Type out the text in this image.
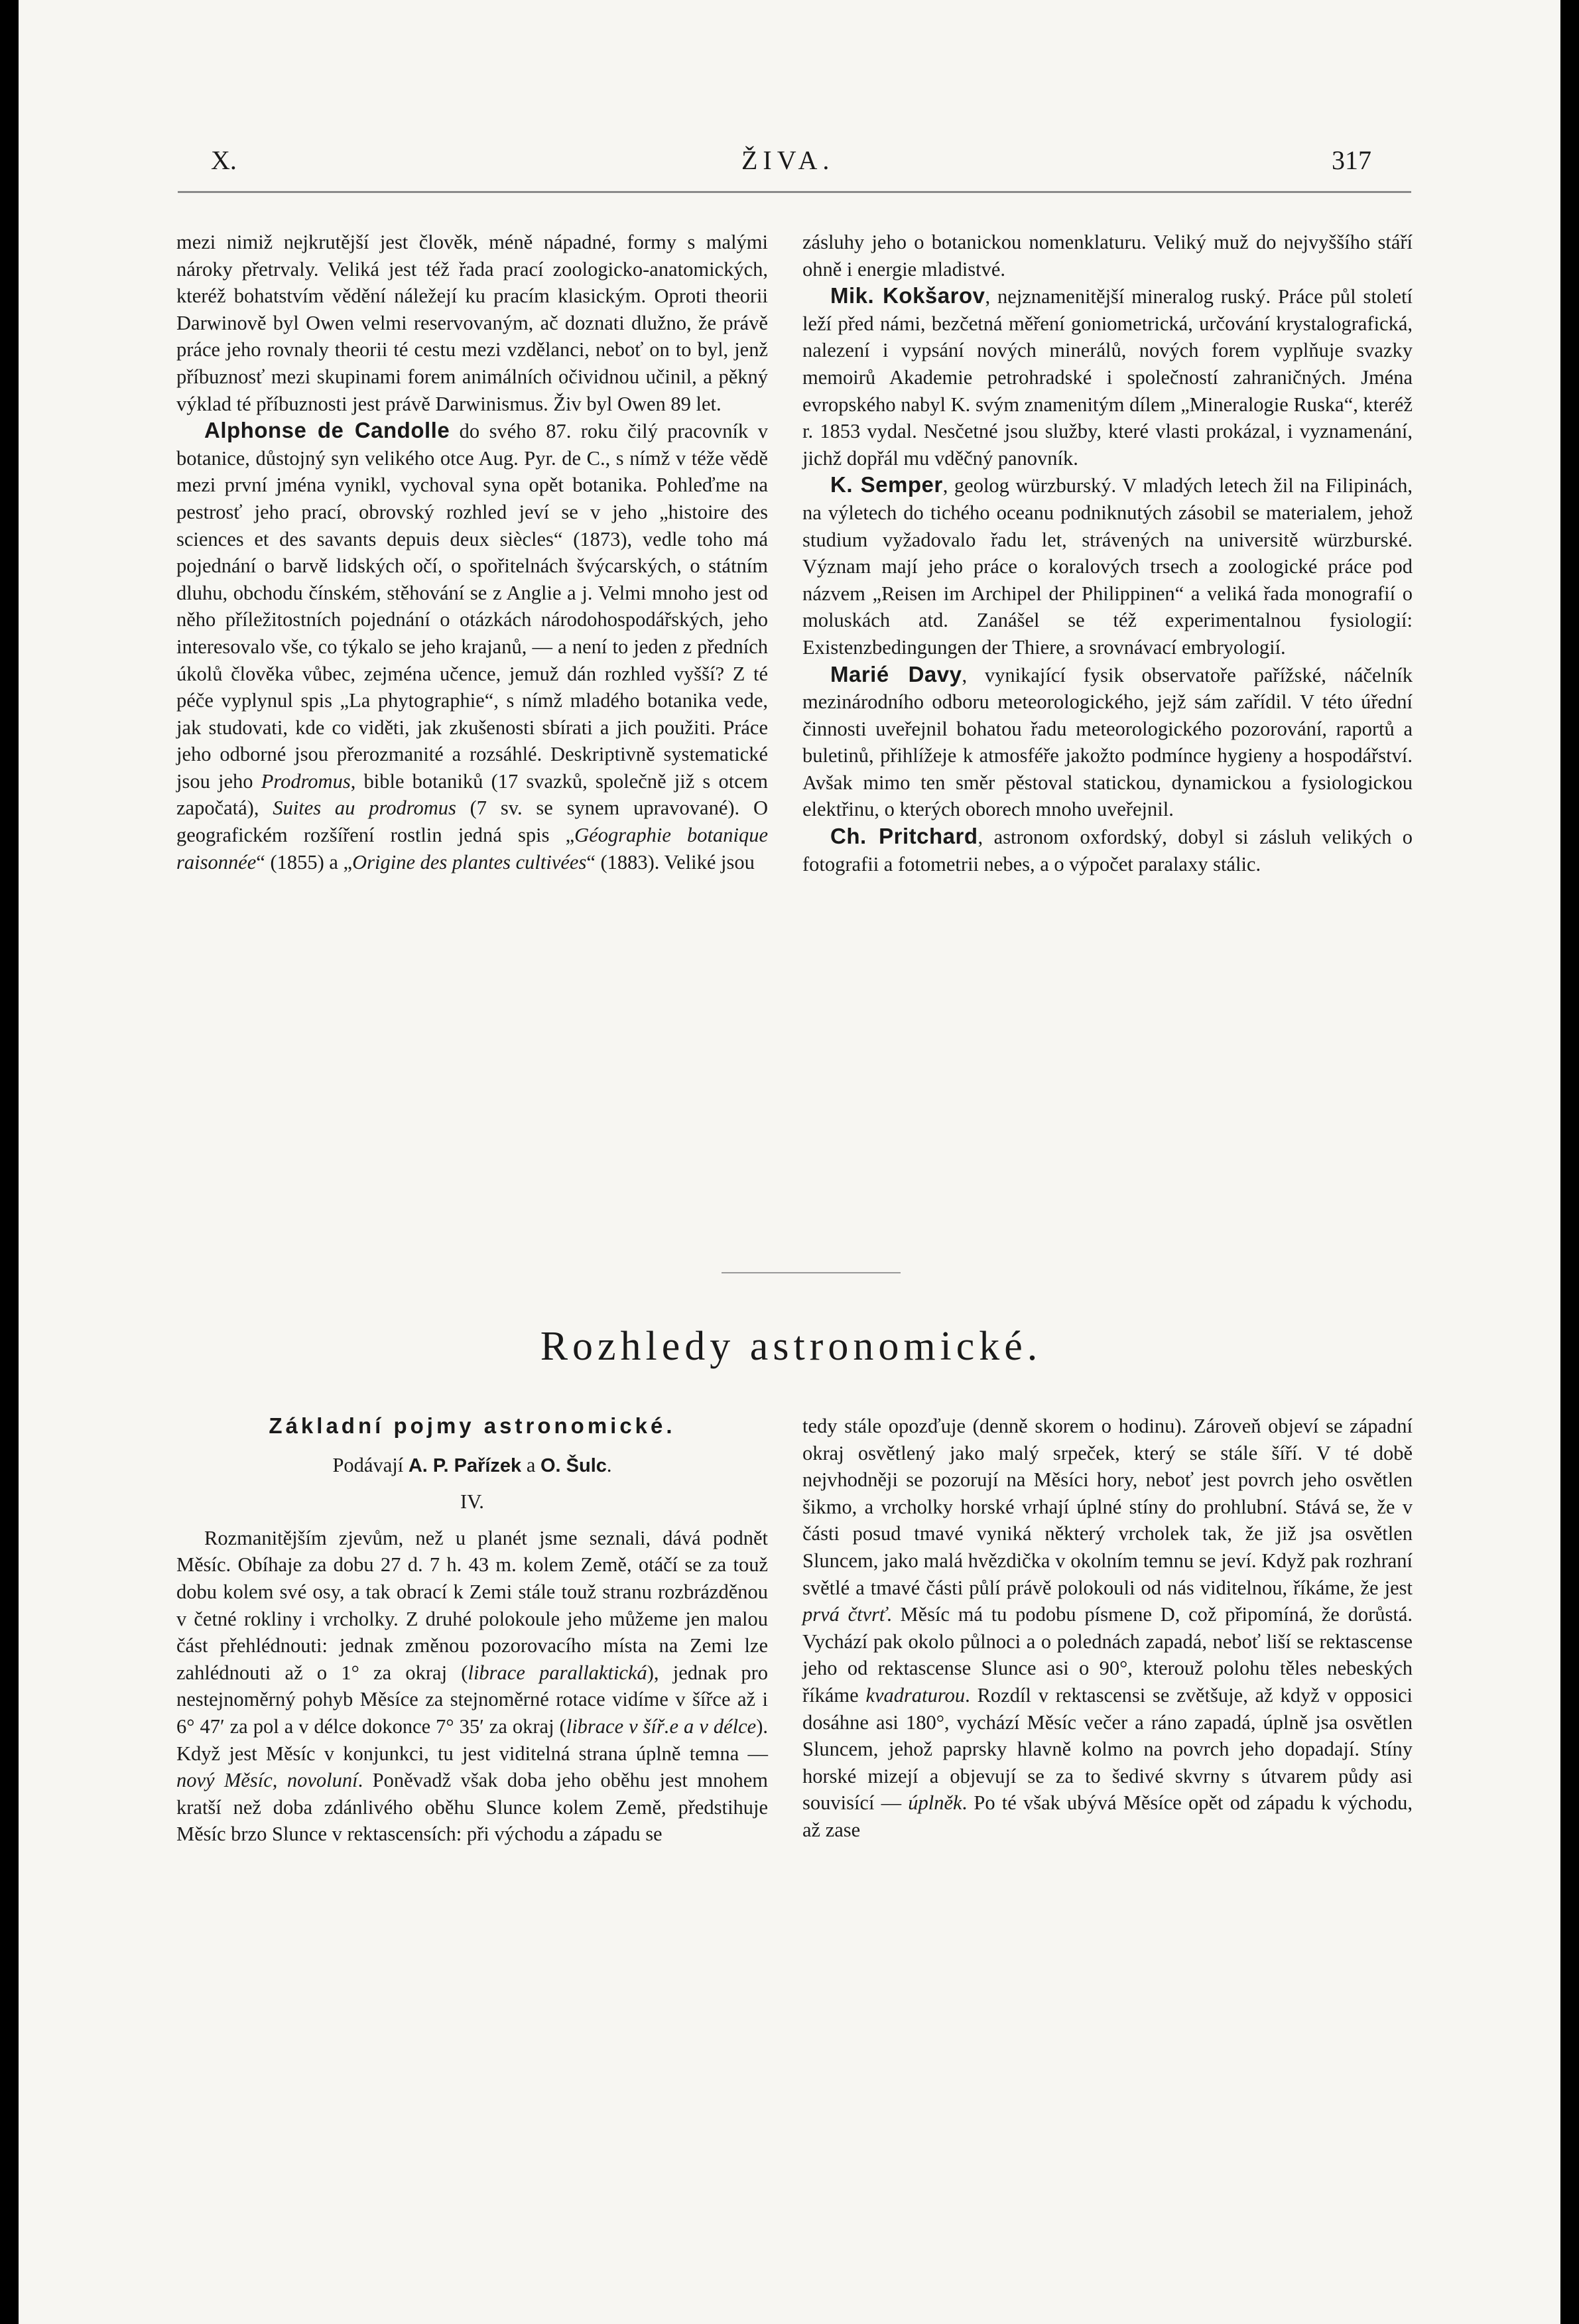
X.	ŽIVA.	317

mezi nimiž nejkrutější jest člověk, méně nápadné, formy s malými nároky přetrvaly. Veliká jest též řada prací zoologicko-anatomických, kteréž bohatstvím vědění náležejí ku pracím klasickým. Oproti theorii Darwinově byl Owen velmi reservovaným, ač doznati dlužno, že právě práce jeho rovnaly theorii té cestu mezi vzdělanci, neboť on to byl, jenž příbuznosť mezi skupinami forem animálních očividnou učinil, a pěkný výklad té příbuznosti jest právě Darwinismus. Živ byl Owen 89 let.

Alphonse de Candolle do svého 87. roku čilý pracovník v botanice, důstojný syn velikého otce Aug. Pyr. de C., s nímž v téže vědě mezi první jména vynikl, vychoval syna opět botanika. Pohleďme na pestrosť jeho prací, obrovský rozhled jeví se v jeho „histoire des sciences et des savants depuis deux siècles“ (1873), vedle toho má pojednání o barvě lidských očí, o spořitelnách švýcarských, o státním dluhu, obchodu čínském, stěhování se z Anglie a j. Velmi mnoho jest od něho příležitostních pojednání o otázkách národohospodářských, jeho interesovalo vše, co týkalo se jeho krajanů, — a není to jeden z předních úkolů člověka vůbec, zejména učence, jemuž dán rozhled vyšší? Z té péče vyplynul spis „La phytographie“, s nímž mladého botanika vede, jak studovati, kde co viděti, jak zkušenosti sbírati a jich použiti. Práce jeho odborné jsou přerozmanité a rozsáhlé. Deskriptivně systematické jsou jeho Prodromus, bible botaniků (17 svazků, společně již s otcem započatá), Suites au prodromus (7 sv. se synem upravované). O geografickém rozšíření rostlin jedná spis „Géographie botanique raisonnée“ (1855) a „Origine des plantes cultivées“ (1883). Veliké jsou

zásluhy jeho o botanickou nomenklaturu. Veliký muž do nejvyššího stáří ohně i energie mladistvé.

Mik. Kokšarov, nejznamenitější mineralog ruský. Práce půl století leží před námi, bezčetná měření goniometrická, určování krystalografická, nalezení i vypsání nových minerálů, nových forem vyplňuje svazky memoirů Akademie petrohradské i společností zahraničných. Jména evropského nabyl K. svým znamenitým dílem „Mineralogie Ruska“, kteréž r. 1853 vydal. Nesčetné jsou služby, které vlasti prokázal, i vyznamenání, jichž dopřál mu vděčný panovník.

K. Semper, geolog würzburský. V mladých letech žil na Filipinách, na výletech do tichého oceanu podniknutých zásobil se materialem, jehož studium vyžadovalo řadu let, strávených na universitě würzburské. Význam mají jeho práce o koralových trsech a zoologické práce pod názvem „Reisen im Archipel der Philippinen“ a veliká řada monografií o moluskách atd. Zanášel se též experimentalnou fysiologií: Existenzbedingungen der Thiere, a srovnávací embryologií.

Marié Davy, vynikající fysik observatoře pařížské, náčelník mezinárodního odboru meteorologického, jejž sám zařídil. V této úřední činnosti uveřejnil bohatou řadu meteorologického pozorování, raportů a buletinů, přihlížeje k atmosféře jakožto podmínce hygieny a hospodářství. Avšak mimo ten směr pěstoval statickou, dynamickou a fysiologickou elektřinu, o kterých oborech mnoho uveřejnil.

Ch. Pritchard, astronom oxfordský, dobyl si zásluh velikých o fotografii a fotometrii nebes, a o výpočet paralaxy stálic.

Rozhledy astronomické.
Základní pojmy astronomické.
Podávají A. P. Pařízek a O. Šulc.
IV.

Rozmanitějším zjevům, než u planét jsme seznali, dává podnět Měsíc. Obíhaje za dobu 27 d. 7 h. 43 m. kolem Země, otáčí se za touž dobu kolem své osy, a tak obrací k Zemi stále touž stranu rozbrázděnou v četné rokliny i vrcholky. Z druhé polokoule jeho můžeme jen malou část přehlédnouti: jednak změnou pozorovacího místa na Zemi lze zahlédnouti až o 1° za okraj (librace parallaktická), jednak pro nestejnoměrný pohyb Měsíce za stejnoměrné rotace vidíme v šířce až i 6° 47′ za pol a v délce dokonce 7° 35′ za okraj (librace v šíř.e a v délce). Když jest Měsíc v konjunkci, tu jest viditelná strana úplně temna — nový Měsíc, novoluní. Poněvadž však doba jeho oběhu jest mnohem kratší než doba zdánlivého oběhu Slunce kolem Země, předstihuje Měsíc brzo Slunce v rektascensích: při východu a západu se

tedy stále opozďuje (denně skorem o hodinu). Zároveň objeví se západní okraj osvětlený jako malý srpeček, který se stále šíří. V té době nejvhodněji se pozorují na Měsíci hory, neboť jest povrch jeho osvětlen šikmo, a vrcholky horské vrhají úplné stíny do prohlubní. Stává se, že v části posud tmavé vyniká některý vrcholek tak, že již jsa osvětlen Sluncem, jako malá hvězdička v okolním temnu se jeví. Když pak rozhraní světlé a tmavé části půlí právě polokouli od nás viditelnou, říkáme, že jest prvá čtvrť. Měsíc má tu podobu písmene D, což připomíná, že dorůstá. Vychází pak okolo půlnoci a o polednách zapadá, neboť liší se rektascense jeho od rektascense Slunce asi o 90°, kterouž polohu těles nebeských říkáme kvadraturou. Rozdíl v rektascensi se zvětšuje, až když v opposici dosáhne asi 180°, vychází Měsíc večer a ráno zapadá, úplně jsa osvětlen Sluncem, jehož paprsky hlavně kolmo na povrch jeho dopadají. Stíny horské mizejí a objevují se za to šedivé skvrny s útvarem půdy asi souvisící — úplněk. Po té však ubývá Měsíce opět od západu k východu, až zase
